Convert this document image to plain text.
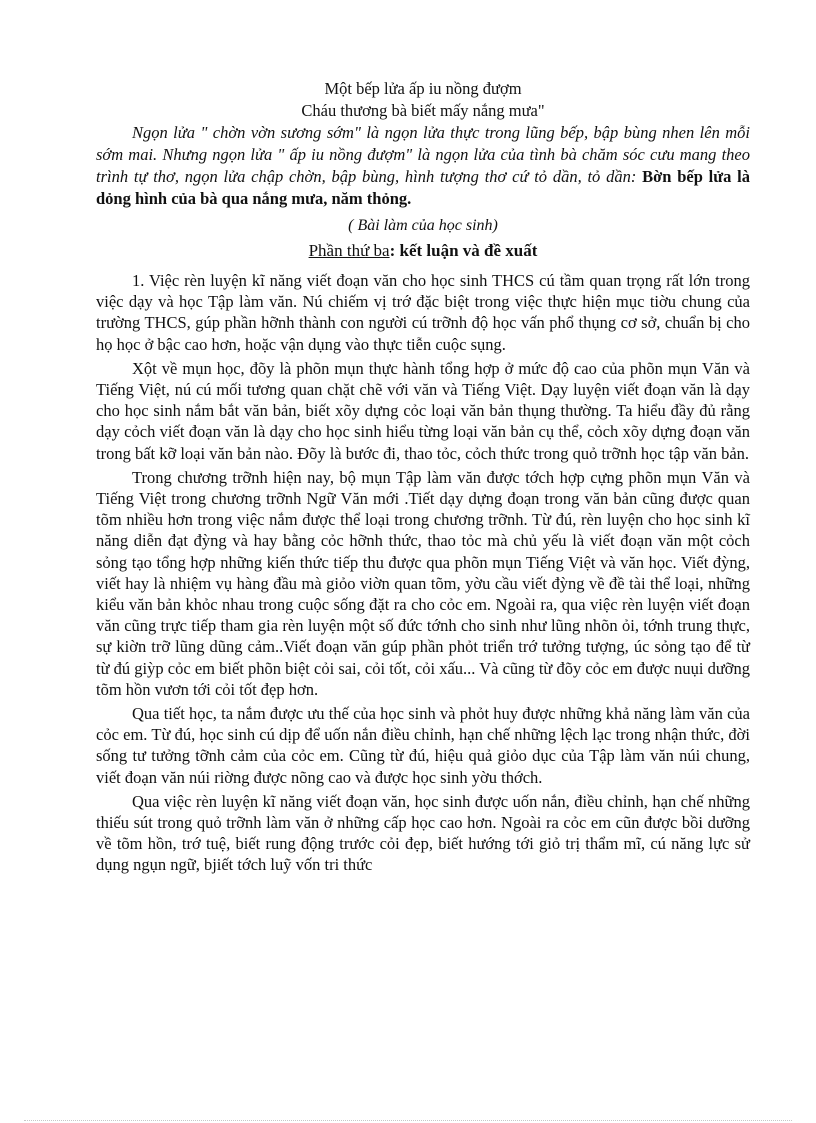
Một bếp lửa ấp iu nồng đượm

Cháu thương bà biết mấy nắng mưa"

Ngọn lửa " chờn vờn sương sớm" là ngọn lửa thực trong lũng bếp, bập bùng nhen lên mỗi sớm mai. Nhưng ngọn lửa " ấp iu nồng đượm" là ngọn lửa của tình bà chăm sóc cưu mang theo trình tự thơ, ngọn lửa chập chờn, bập bùng, hình tượng thơ cứ tỏ dần, tỏ dần: Bờn bếp lửa là dỏng hình của bà qua nắng mưa, năm thỏng.

( Bài làm của học sinh)

Phần thứ ba: kết luận và đề xuất

1. Việc rèn luyện kĩ năng viết đoạn văn cho học sinh THCS cú tầm quan trọng rất lớn trong việc dạy và học Tập làm văn. Nú chiếm vị trớ đặc biệt trong việc thực hiện mục tiờu chung của trường THCS, gúp phần hỡnh thành con người cú trỡnh độ học vấn phổ thụng cơ sở, chuẩn bị cho họ học ở bậc cao hơn, hoặc vận dụng vào thực tiễn cuộc sụng.

Xột về mụn học, đõy là phõn mụn thực hành tổng hợp ở mức độ cao của phõn mụn Văn và Tiếng Việt, nú cú mối tương quan chặt chẽ với văn và Tiếng Việt. Dạy luyện viết đoạn văn là dạy cho học sinh nắm bắt văn bản, biết xõy dựng cỏc loại văn bản thụng thường. Ta hiểu đầy đủ rằng dạy cỏch viết đoạn văn là dạy cho học sinh hiểu từng loại văn bản cụ thể, cỏch xõy dựng đoạn văn trong bất kỡ loại văn bản nào. Đõy là bước đi, thao tỏc, cỏch thức trong quỏ trỡnh học tập văn bản.

Trong chương trỡnh hiện nay, bộ mụn Tập làm văn được tớch hợp cựng phõn mụn Văn và Tiếng Việt trong chương trỡnh Ngữ Văn mới .Tiết dạy dựng đoạn trong văn bản cũng được quan tõm nhiều hơn trong việc nắm được thể loại trong chương trỡnh. Từ đú, rèn luyện cho học sinh kĩ năng diễn đạt đỳng và hay bằng cỏc hỡnh thức, thao tỏc mà chủ yếu là viết đoạn văn một cỏch sỏng tạo tổng hợp những kiến thức tiếp thu được qua phõn mụn Tiếng Việt và văn học. Viết đỳng, viết hay là nhiệm vụ hàng đầu mà giỏo viờn quan tõm, yờu cầu viết đỳng về đề tài thể loại, những kiểu văn bản khỏc nhau trong cuộc sống đặt ra cho cỏc em. Ngoài ra, qua việc rèn luyện viết đoạn văn cũng trực tiếp tham gia rèn luyện một số đức tớnh cho sinh như lũng nhõn ỏi, tớnh trung thực, sự kiờn trỡ lũng dũng cảm..Viết đoạn văn gúp phần phỏt triển trớ tưởng tượng, úc sỏng tạo để từ từ đú giỳp cỏc em biết phõn biệt cỏi sai, cỏi tốt, cỏi xấu... Và cũng từ đõy cỏc em được nuụi dưỡng tõm hồn vươn tới cỏi tốt đẹp hơn.

Qua tiết học, ta nắm được ưu thế của học sinh và phỏt huy được những khả năng làm văn của cỏc em. Từ đú, học sinh cú dịp để uốn nắn điều chỉnh, hạn chế những lệch lạc trong nhận thức, đời sống tư tưởng tỡnh cảm của cỏc em. Cũng từ đú, hiệu quả giỏo dục của Tập làm văn núi chung, viết đoạn văn núi riờng được nõng cao và được học sinh yờu thớch.

Qua việc rèn luyện kĩ năng viết đoạn văn, học sinh được uốn nắn, điều chỉnh, hạn chế những thiếu sút trong quỏ trỡnh làm văn ở những cấp học cao hơn. Ngoài ra cỏc em cũn được bồi dưỡng về tõm hồn, trớ tuệ, biết rung động trước cỏi đẹp, biết hướng tới giỏ trị thẩm mĩ, cú năng lực sử dụng ngụn ngữ, bjiết tớch luỹ vốn tri thức
